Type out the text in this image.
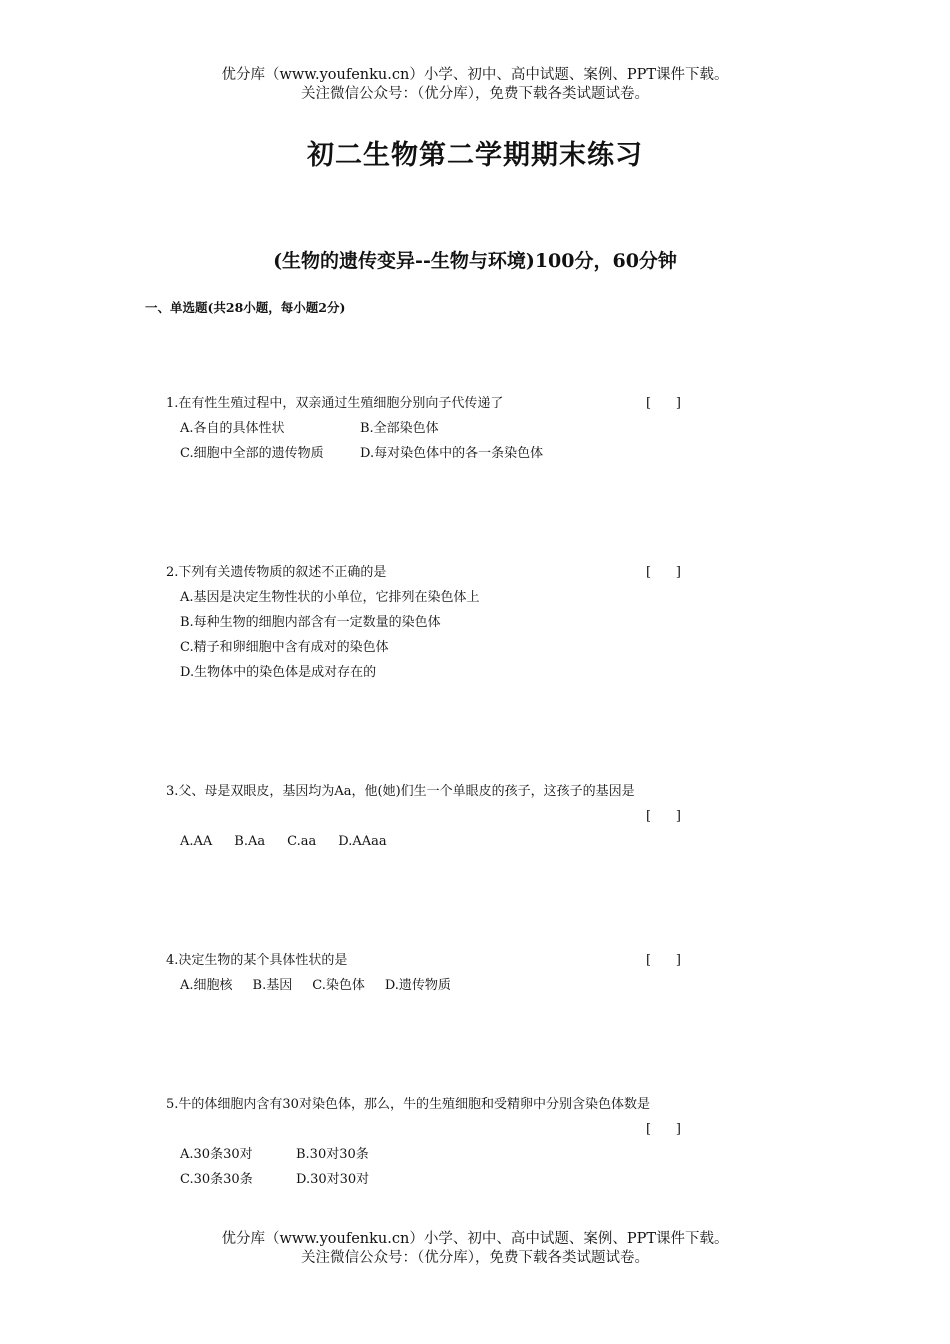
优分库（www.youfenku.cn）小学、初中、高中试题、案例、PPT课件下载。
关注微信公众号：（优分库），免费下载各类试题试卷。
初二生物第二学期期末练习
(生物的遗传变异--生物与环境)100分，60分钟
一、单选题(共28小题，每小题2分)
1.在有性生殖过程中，双亲通过生殖细胞分别向子代传递了	[      ]
A.各自的具体性状	B.全部染色体
C.细胞中全部的遗传物质	D.每对染色体中的各一条染色体
2.下列有关遗传物质的叙述不正确的是	[      ]
A.基因是决定生物性状的小单位，它排列在染色体上
B.每种生物的细胞内部含有一定数量的染色体
C.精子和卵细胞中含有成对的染色体
D.生物体中的染色体是成对存在的
3.父、母是双眼皮，基因均为Aa，他(她)们生一个单眼皮的孩子，这孩子的基因是
[      ]
A.AA B.Aa C.aa D.AAaa
4.决定生物的某个具体性状的是	[      ]
A.细胞核 B.基因 C.染色体 D.遗传物质
5.牛的体细胞内含有30对染色体，那么，牛的生殖细胞和受精卵中分别含染色体数是
[      ]
A.30条30对	B.30对30条
C.30条30条	D.30对30对
优分库（www.youfenku.cn）小学、初中、高中试题、案例、PPT课件下载。
关注微信公众号：（优分库），免费下载各类试题试卷。
